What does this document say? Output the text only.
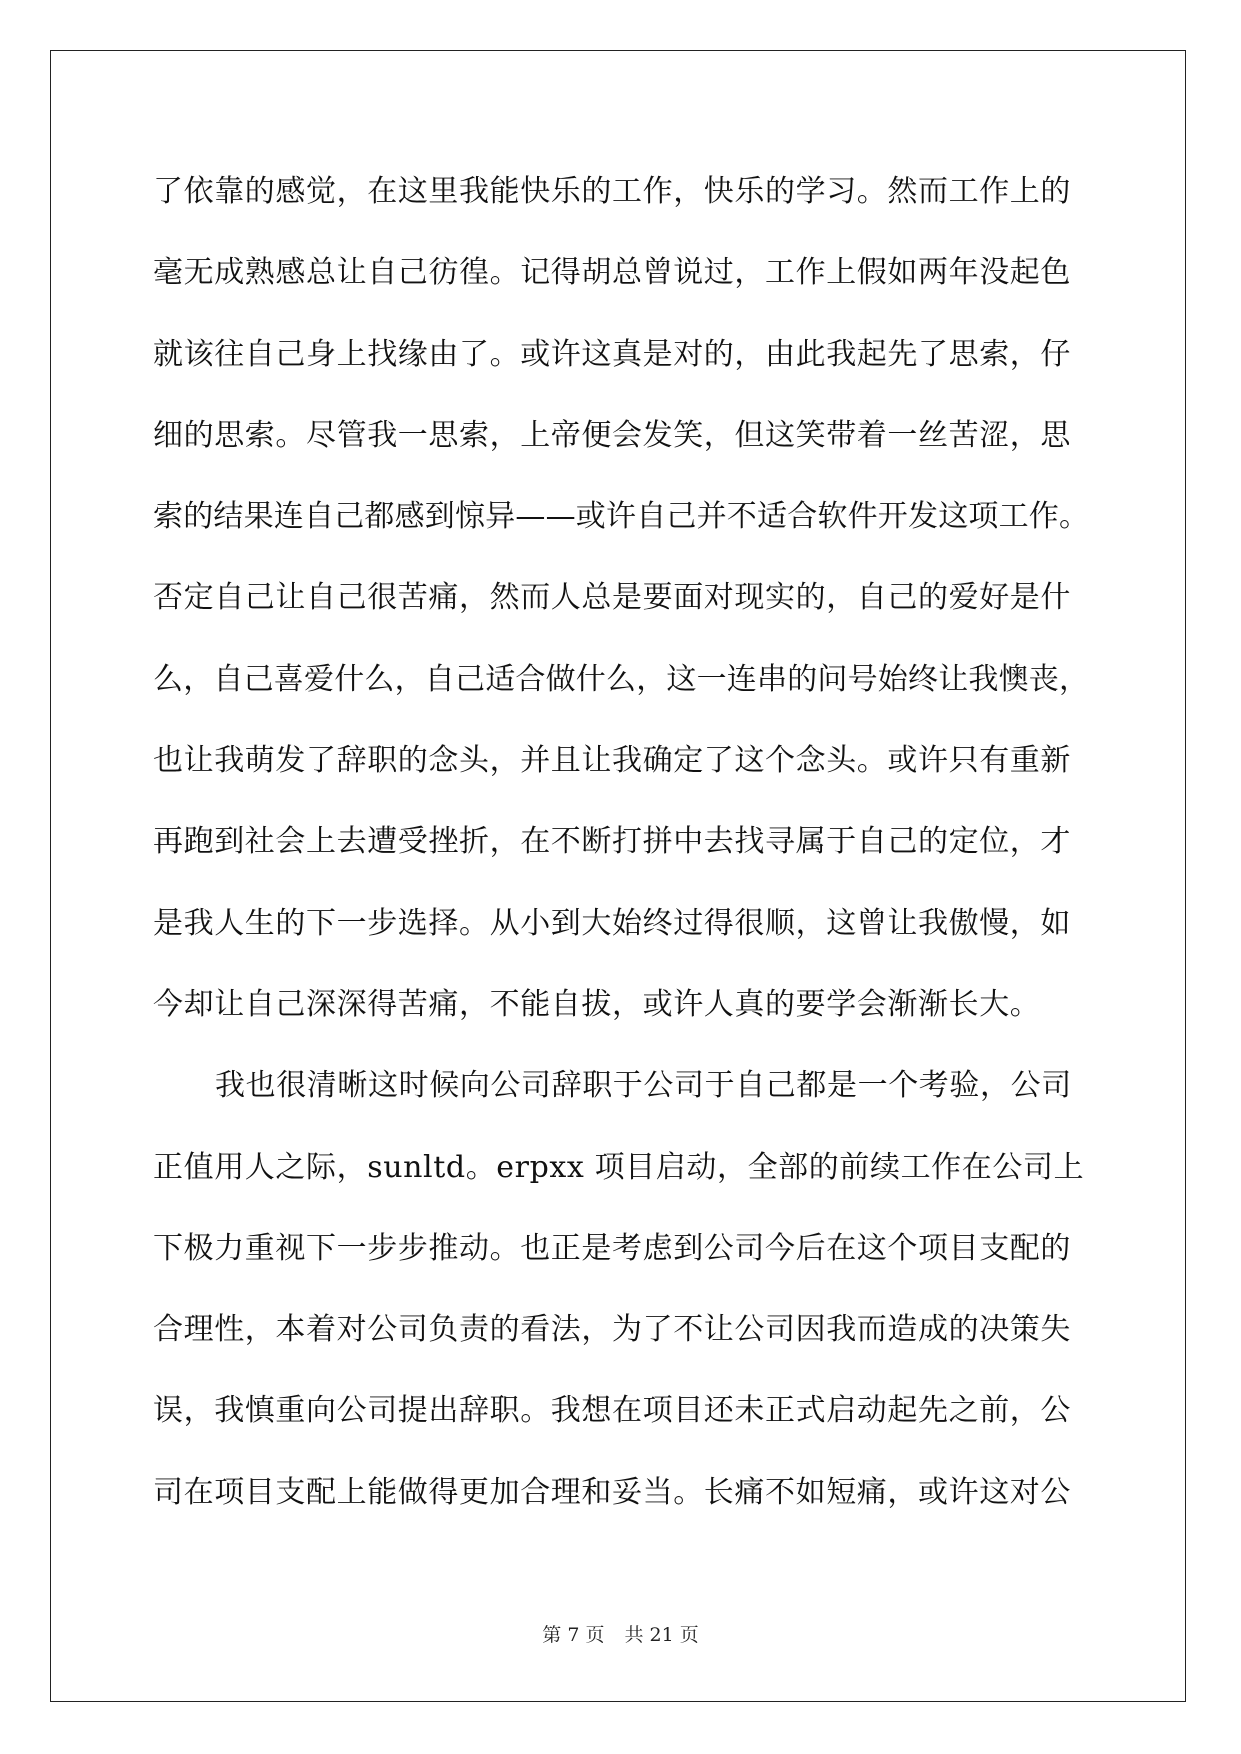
了依靠的感觉，在这里我能快乐的工作，快乐的学习。然而工作上的
毫无成熟感总让自己彷徨。记得胡总曾说过，工作上假如两年没起色
就该往自己身上找缘由了。或许这真是对的，由此我起先了思索，仔
细的思索。尽管我一思索，上帝便会发笑，但这笑带着一丝苦涩，思
索的结果连自己都感到惊异——或许自己并不适合软件开发这项工作。
否定自己让自己很苦痛，然而人总是要面对现实的，自己的爱好是什
么，自己喜爱什么，自己适合做什么，这一连串的问号始终让我懊丧，
也让我萌发了辞职的念头，并且让我确定了这个念头。或许只有重新
再跑到社会上去遭受挫折，在不断打拼中去找寻属于自己的定位，才
是我人生的下一步选择。从小到大始终过得很顺，这曾让我傲慢，如
今却让自己深深得苦痛，不能自拔，或许人真的要学会渐渐长大。
我也很清晰这时候向公司辞职于公司于自己都是一个考验，公司
正值用人之际，sunltd。erpxx 项目启动，全部的前续工作在公司上
下极力重视下一步步推动。也正是考虑到公司今后在这个项目支配的
合理性，本着对公司负责的看法，为了不让公司因我而造成的决策失
误，我慎重向公司提出辞职。我想在项目还未正式启动起先之前，公
司在项目支配上能做得更加合理和妥当。长痛不如短痛，或许这对公
第 7 页 共 21 页
